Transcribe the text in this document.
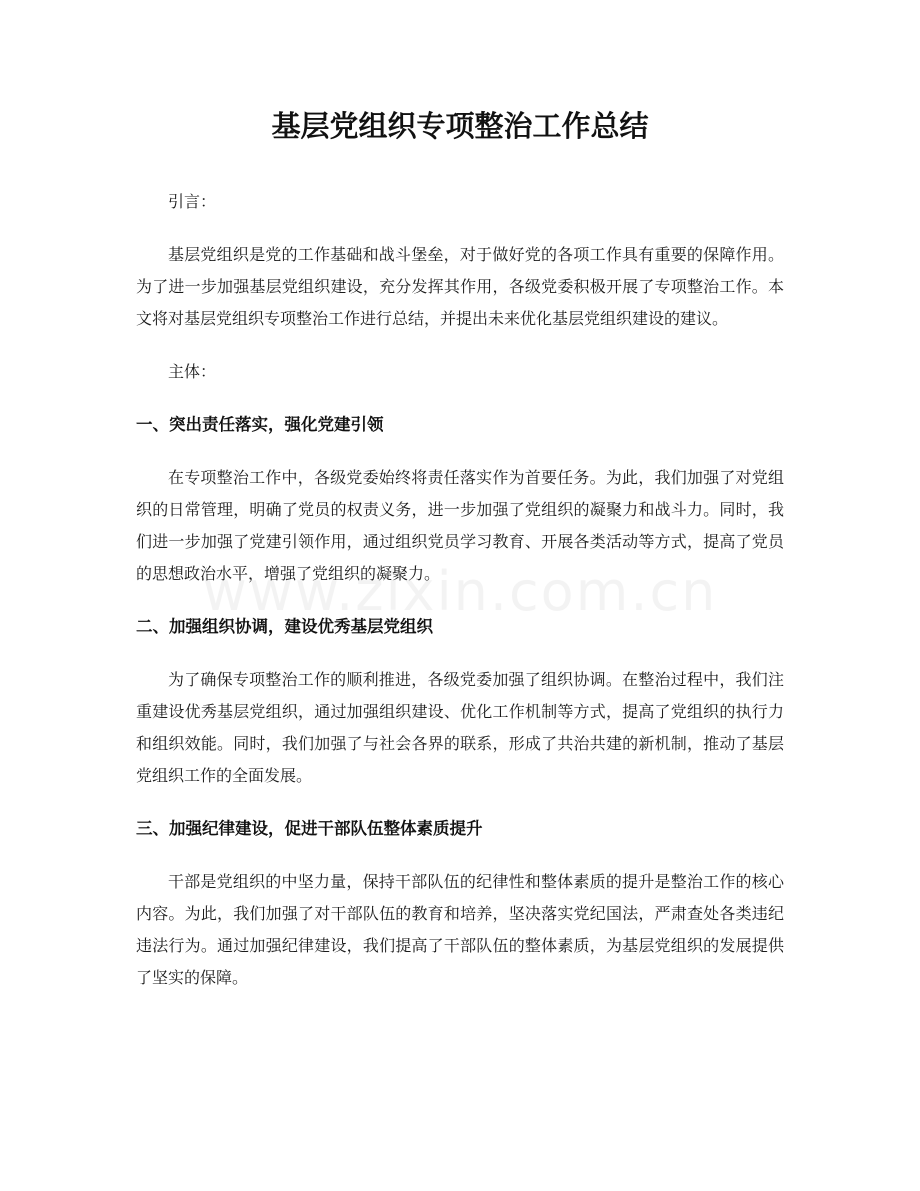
基层党组织专项整治工作总结

引言：

基层党组织是党的工作基础和战斗堡垒，对于做好党的各项工作具有重要的保障作用。为了进一步加强基层党组织建设，充分发挥其作用，各级党委积极开展了专项整治工作。本文将对基层党组织专项整治工作进行总结，并提出未来优化基层党组织建设的建议。

主体：

一、突出责任落实，强化党建引领

在专项整治工作中，各级党委始终将责任落实作为首要任务。为此，我们加强了对党组织的日常管理，明确了党员的权责义务，进一步加强了党组织的凝聚力和战斗力。同时，我们进一步加强了党建引领作用，通过组织党员学习教育、开展各类活动等方式，提高了党员的思想政治水平，增强了党组织的凝聚力。

二、加强组织协调，建设优秀基层党组织

为了确保专项整治工作的顺利推进，各级党委加强了组织协调。在整治过程中，我们注重建设优秀基层党组织，通过加强组织建设、优化工作机制等方式，提高了党组织的执行力和组织效能。同时，我们加强了与社会各界的联系，形成了共治共建的新机制，推动了基层党组织工作的全面发展。

三、加强纪律建设，促进干部队伍整体素质提升

干部是党组织的中坚力量，保持干部队伍的纪律性和整体素质的提升是整治工作的核心内容。为此，我们加强了对干部队伍的教育和培养，坚决落实党纪国法，严肃查处各类违纪违法行为。通过加强纪律建设，我们提高了干部队伍的整体素质，为基层党组织的发展提供了坚实的保障。
